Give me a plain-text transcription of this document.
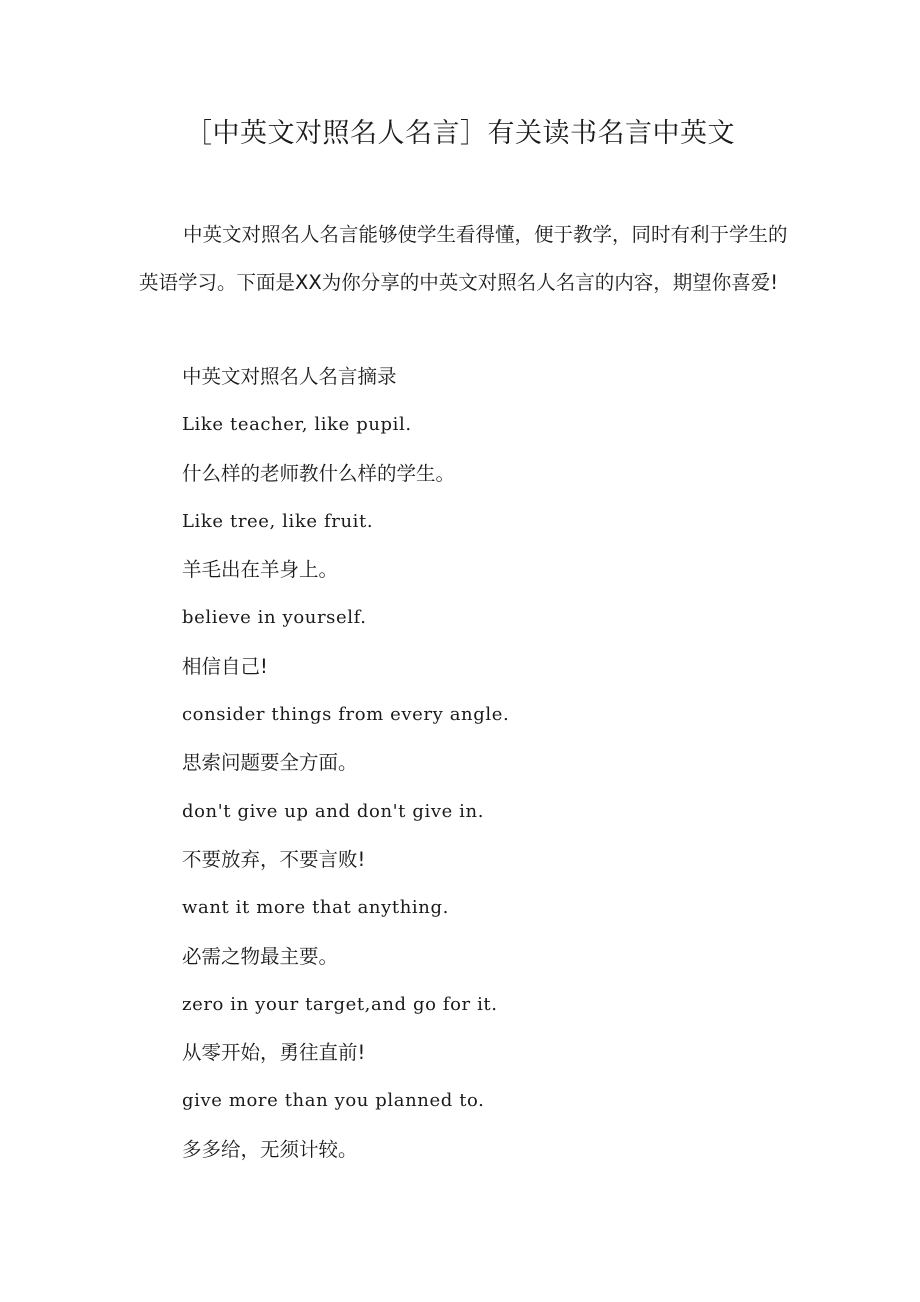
［中英文对照名人名言］有关读书名言中英文

中英文对照名人名言能够使学生看得懂，便于教学，同时有利于学生的英语学习。下面是XX为你分享的中英文对照名人名言的内容，期望你喜爱!

中英文对照名人名言摘录
Like teacher, like pupil.
什么样的老师教什么样的学生。
Like tree, like fruit.
羊毛出在羊身上。
believe in yourself.
相信自己!
consider things from every angle.
思索问题要全方面。
don't give up and don't give in.
不要放弃，不要言败!
want it more that anything.
必需之物最主要。
zero in your target,and go for it.
从零开始，勇往直前!
give more than you planned to.
多多给，无须计较。
